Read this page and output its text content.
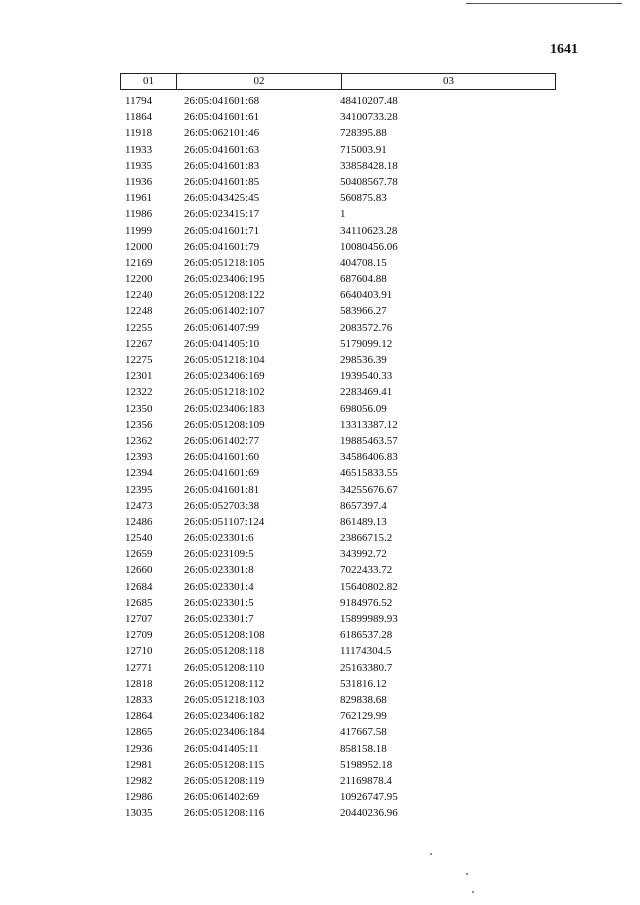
1641
01	02	03
11794	26:05:041601:68	48410207.48
11864	26:05:041601:61	34100733.28
11918	26:05:062101:46	728395.88
11933	26:05:041601:63	715003.91
11935	26:05:041601:83	33858428.18
11936	26:05:041601:85	50408567.78
11961	26:05:043425:45	560875.83
11986	26:05:023415:17	1
11999	26:05:041601:71	34110623.28
12000	26:05:041601:79	10080456.06
12169	26:05:051218:105	404708.15
12200	26:05:023406:195	687604.88
12240	26:05:051208:122	6640403.91
12248	26:05:061402:107	583966.27
12255	26:05:061407:99	2083572.76
12267	26:05:041405:10	5179099.12
12275	26:05:051218:104	298536.39
12301	26:05:023406:169	1939540.33
12322	26:05:051218:102	2283469.41
12350	26:05:023406:183	698056.09
12356	26:05:051208:109	13313387.12
12362	26:05:061402:77	19885463.57
12393	26:05:041601:60	34586406.83
12394	26:05:041601:69	46515833.55
12395	26:05:041601:81	34255676.67
12473	26:05:052703:38	8657397.4
12486	26:05:051107:124	861489.13
12540	26:05:023301:6	23866715.2
12659	26:05:023109:5	343992.72
12660	26:05:023301:8	7022433.72
12684	26:05:023301:4	15640802.82
12685	26:05:023301:5	9184976.52
12707	26:05:023301:7	15899989.93
12709	26:05:051208:108	6186537.28
12710	26:05:051208:118	11174304.5
12771	26:05:051208:110	25163380.7
12818	26:05:051208:112	531816.12
12833	26:05:051218:103	829838.68
12864	26:05:023406:182	762129.99
12865	26:05:023406:184	417667.58
12936	26:05:041405:11	858158.18
12981	26:05:051208:115	5198952.18
12982	26:05:051208:119	21169878.4
12986	26:05:061402:69	10926747.95
13035	26:05:051208:116	20440236.96
